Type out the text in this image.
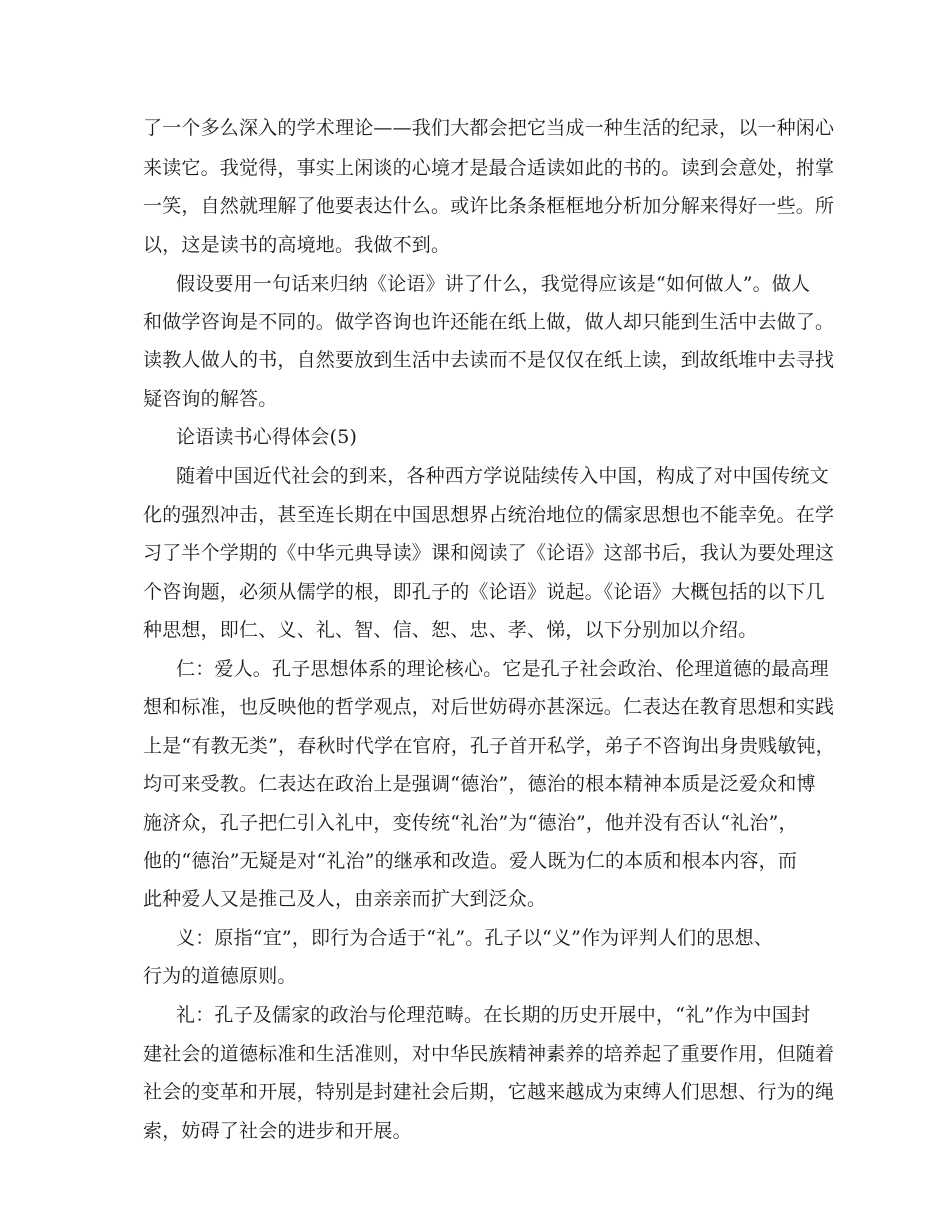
了一个多么深入的学术理论——我们大都会把它当成一种生活的纪录，以一种闲心
来读它。我觉得，事实上闲谈的心境才是最合适读如此的书的。读到会意处，拊掌
一笑，自然就理解了他要表达什么。或许比条条框框地分析加分解来得好一些。所
以，这是读书的高境地。我做不到。
假设要用一句话来归纳《论语》讲了什么，我觉得应该是“如何做人”。做人
和做学咨询是不同的。做学咨询也许还能在纸上做，做人却只能到生活中去做了。
读教人做人的书，自然要放到生活中去读而不是仅仅在纸上读，到故纸堆中去寻找
疑咨询的解答。
论语读书心得体会(5)
随着中国近代社会的到来，各种西方学说陆续传入中国，构成了对中国传统文
化的强烈冲击，甚至连长期在中国思想界占统治地位的儒家思想也不能幸免。在学
习了半个学期的《中华元典导读》课和阅读了《论语》这部书后，我认为要处理这
个咨询题，必须从儒学的根，即孔子的《论语》说起。《论语》大概包括的以下几
种思想，即仁、义、礼、智、信、恕、忠、孝、悌，以下分别加以介绍。
仁：爱人。孔子思想体系的理论核心。它是孔子社会政治、伦理道德的最高理
想和标准，也反映他的哲学观点，对后世妨碍亦甚深远。仁表达在教育思想和实践
上是“有教无类”，春秋时代学在官府，孔子首开私学，弟子不咨询出身贵贱敏钝，
均可来受教。仁表达在政治上是强调“德治”，德治的根本精神本质是泛爱众和博
施济众，孔子把仁引入礼中，变传统“礼治”为“德治”，他并没有否认“礼治”，
他的“德治”无疑是对“礼治”的继承和改造。爱人既为仁的本质和根本内容，而
此种爱人又是推己及人，由亲亲而扩大到泛众。
义：原指“宜”，即行为合适于“礼”。孔子以“义”作为评判人们的思想、
行为的道德原则。
礼：孔子及儒家的政治与伦理范畴。在长期的历史开展中，“礼”作为中国封
建社会的道德标准和生活准则，对中华民族精神素养的培养起了重要作用，但随着
社会的变革和开展，特别是封建社会后期，它越来越成为束缚人们思想、行为的绳
索，妨碍了社会的进步和开展。
